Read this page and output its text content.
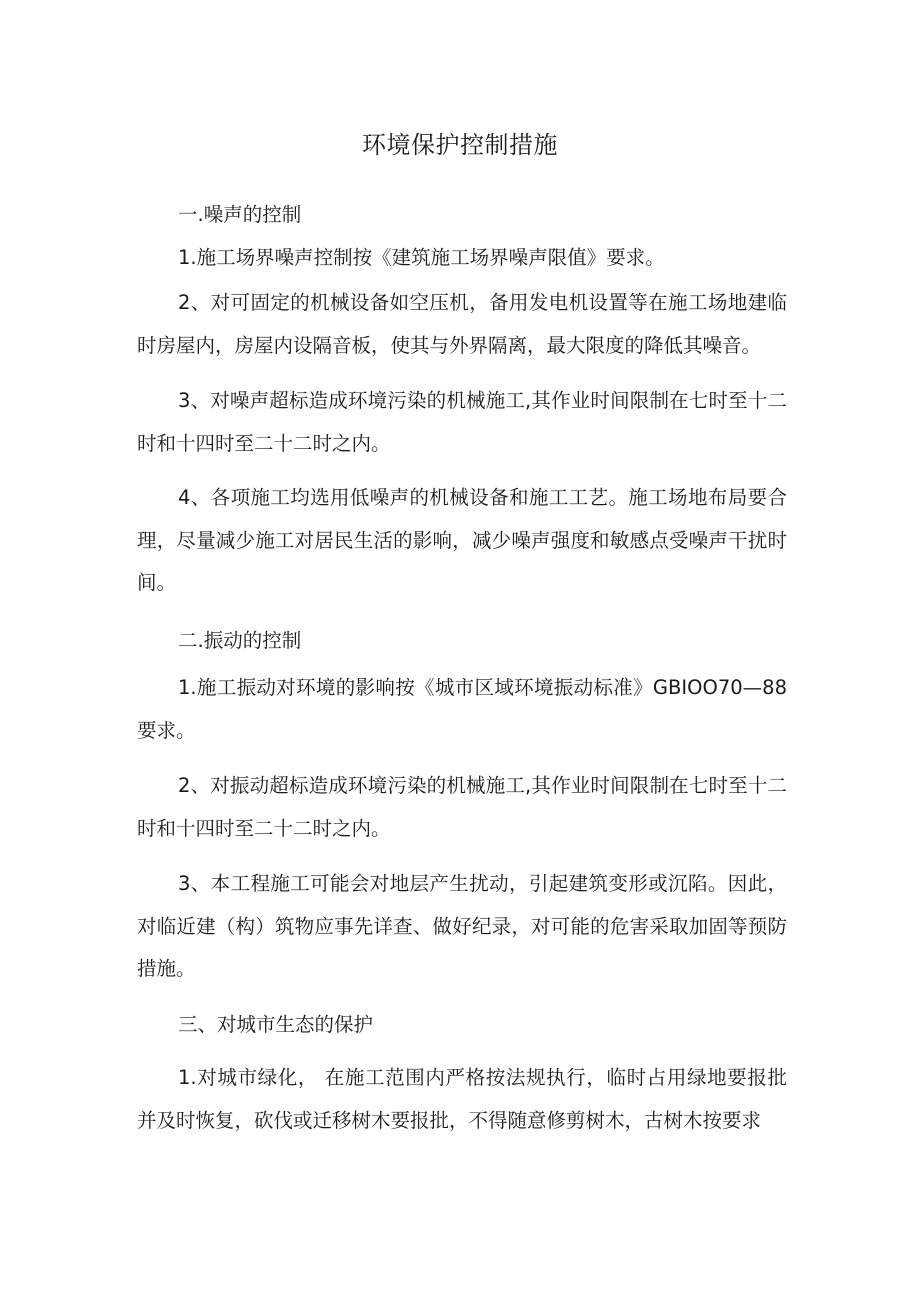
环境保护控制措施
一.噪声的控制
1.施工场界噪声控制按《建筑施工场界噪声限值》要求。
2、对可固定的机械设备如空压机，备用发电机设置等在施工场地建临时房屋内，房屋内设隔音板，使其与外界隔离，最大限度的降低其噪音。
3、对噪声超标造成环境污染的机械施工,其作业时间限制在七时至十二时和十四时至二十二时之内。
4、各项施工均选用低噪声的机械设备和施工工艺。施工场地布局要合理，尽量减少施工对居民生活的影响，减少噪声强度和敏感点受噪声干扰时间。
二.振动的控制
1.施工振动对环境的影响按《城市区域环境振动标准》GBIOO70—88要求。
2、对振动超标造成环境污染的机械施工,其作业时间限制在七时至十二时和十四时至二十二时之内。
3、本工程施工可能会对地层产生扰动，引起建筑变形或沉陷。因此，对临近建（构）筑物应事先详查、做好纪录，对可能的危害采取加固等预防措施。
三、对城市生态的保护
1.对城市绿化， 在施工范围内严格按法规执行，临时占用绿地要报批并及时恢复，砍伐或迁移树木要报批，不得随意修剪树木，古树木按要求
